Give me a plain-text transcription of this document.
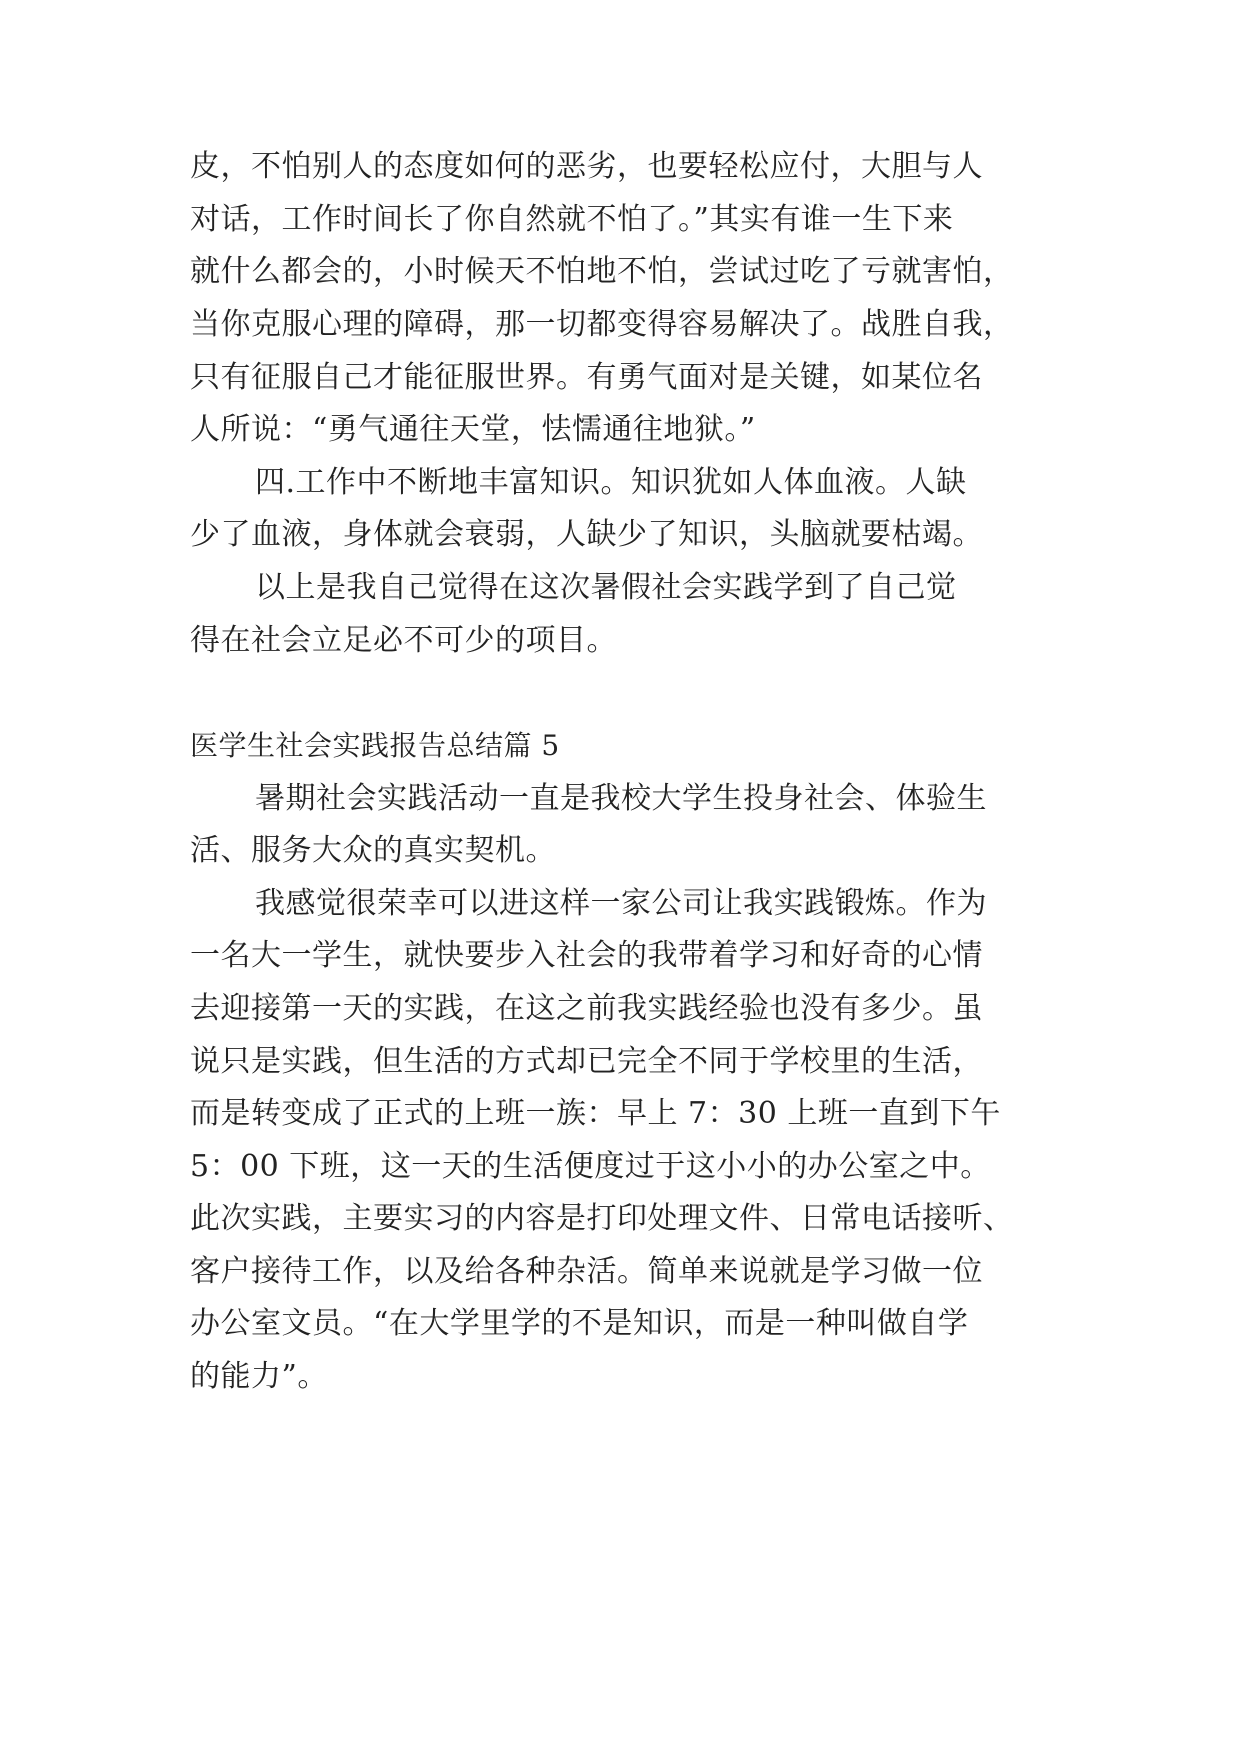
皮，不怕别人的态度如何的恶劣，也要轻松应付，大胆与人
对话，工作时间长了你自然就不怕了。”其实有谁一生下来
就什么都会的，小时候天不怕地不怕，尝试过吃了亏就害怕，
当你克服心理的障碍，那一切都变得容易解决了。战胜自我，
只有征服自己才能征服世界。有勇气面对是关键，如某位名
人所说：“勇气通往天堂，怯懦通往地狱。”
四.工作中不断地丰富知识。知识犹如人体血液。人缺
少了血液，身体就会衰弱，人缺少了知识，头脑就要枯竭。
以上是我自己觉得在这次暑假社会实践学到了自己觉
得在社会立足必不可少的项目。
医学生社会实践报告总结篇 5
暑期社会实践活动一直是我校大学生投身社会、体验生
活、服务大众的真实契机。
我感觉很荣幸可以进这样一家公司让我实践锻炼。作为
一名大一学生，就快要步入社会的我带着学习和好奇的心情
去迎接第一天的实践，在这之前我实践经验也没有多少。虽
说只是实践，但生活的方式却已完全不同于学校里的生活，
而是转变成了正式的上班一族：早上 7：30 上班一直到下午
5：00 下班，这一天的生活便度过于这小小的办公室之中。
此次实践，主要实习的内容是打印处理文件、日常电话接听、
客户接待工作，以及给各种杂活。简单来说就是学习做一位
办公室文员。“在大学里学的不是知识，而是一种叫做自学
的能力”。
